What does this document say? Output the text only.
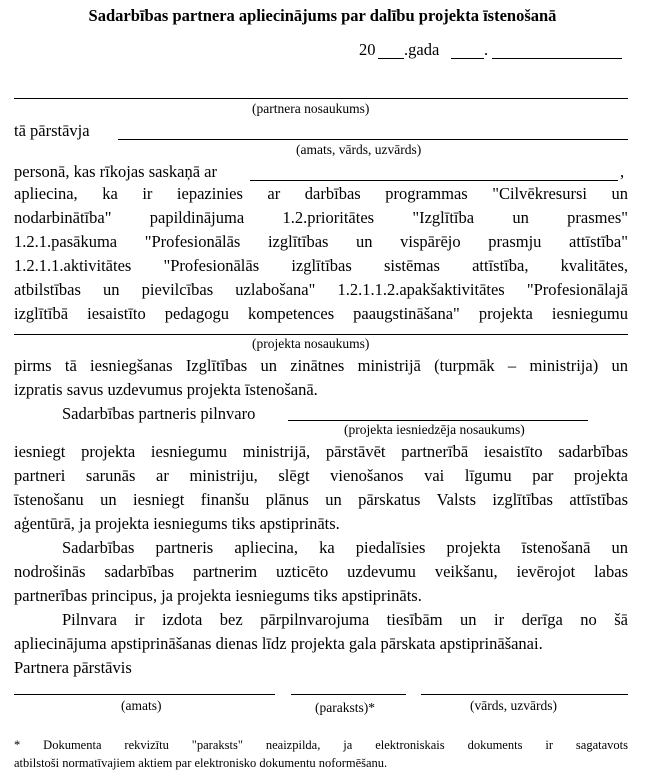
Sadarbības partnera apliecinājums par dalību projekta īstenošanā
20 .gada	.
(partnera nosaukums)
tā pārstāvja
(amats, vārds, uzvārds)
personā, kas rīkojas saskaņā ar	,
apliecina, ka ir iepazinies ar darbības programmas "Cilvēkresursi un
nodarbinātība" papildinājuma 1.2.prioritātes "Izglītība un prasmes"
1.2.1.pasākuma "Profesionālās izglītības un vispārējo prasmju attīstība"
1.2.1.1.aktivitātes "Profesionālās izglītības sistēmas attīstība, kvalitātes,
atbilstības un pievilcības uzlabošana" 1.2.1.1.2.apakšaktivitātes "Profesionālajā
izglītībā iesaistīto pedagogu kompetences paaugstināšana" projekta iesniegumu
(projekta nosaukums)
pirms tā iesniegšanas Izglītības un zinātnes ministrijā (turpmāk – ministrija) un
izpratis savus uzdevumus projekta īstenošanā.
Sadarbības partneris pilnvaro
(projekta iesniedzēja nosaukums)
iesniegt projekta iesniegumu ministrijā, pārstāvēt partnerībā iesaistīto sadarbības
partneri sarunās ar ministriju, slēgt vienošanos vai līgumu par projekta
īstenošanu un iesniegt finanšu plānus un pārskatus Valsts izglītības attīstības
aģentūrā, ja projekta iesniegums tiks apstiprināts.
Sadarbības partneris apliecina, ka piedalīsies projekta īstenošanā un
nodrošinās sadarbības partnerim uzticēto uzdevumu veikšanu, ievērojot labas
partnerības principus, ja projekta iesniegums tiks apstiprināts.
Pilnvara ir izdota bez pārpilnvarojuma tiesībām un ir derīga no šā
apliecinājuma apstiprināšanas dienas līdz projekta gala pārskata apstiprināšanai.
Partnera pārstāvis
(amats)	(paraksts)*	(vārds, uzvārds)
* Dokumenta rekvizītu "paraksts" neaizpilda, ja elektroniskais dokuments ir sagatavots
atbilstoši normatīvajiem aktiem par elektronisko dokumentu noformēšanu.
